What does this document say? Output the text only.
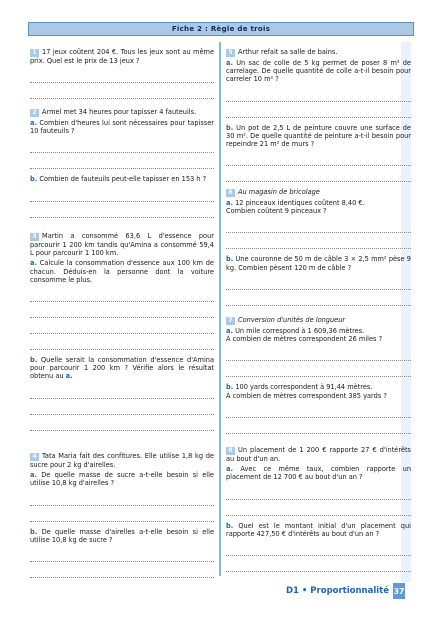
Fiche 2 : Règle de trois

1 17 jeux coûtent 204 €. Tous les jeux sont au même prix. Quel est le prix de 13 jeux ?

2 Armel met 34 heures pour tapisser 4 fauteuils.

a. Combien d'heures lui sont nécessaires pour tapisser 10 fauteuils ?

b. Combien de fauteuils peut-elle tapisser en 153 h ?

3 Martin a consommé 63,6 L d'essence pour parcourir 1 200 km tandis qu'Amina a consommé 59,4 L pour parcourir 1 100 km.

a. Calcule la consommation d'essence aux 100 km de chacun. Déduis-en la personne dont la voiture consomme le plus.

b. Quelle serait la consommation d'essence d'Amina pour parcourir 1 200 km ? Vérifie alors le résultat obtenu au a.

4 Tata Maria fait des confitures. Elle utilise 1,8 kg de sucre pour 2 kg d'airelles.

a. De quelle masse de sucre a-t-elle besoin si elle utilise 10,8 kg d'airelles ?

b. De quelle masse d'airelles a-t-elle besoin si elle utilise 10,8 kg de sucre ?

5 Arthur refait sa salle de bains.

a. Un sac de colle de 5 kg permet de poser 8 m² de carrelage. De quelle quantité de colle a-t-il besoin pour carreler 10 m² ?

b. Un pot de 2,5 L de peinture couvre une surface de 30 m². De quelle quantité de peinture a-t-il besoin pour repeindre 21 m² de murs ?

6 Au magasin de bricolage

a. 12 pinceaux identiques coûtent 8,40 €.
Combien coûtent 9 pinceaux ?

b. Une couronne de 50 m de câble 3 × 2,5 mm² pèse 9 kg. Combien pèsent 120 m de câble ?

7 Conversion d'unités de longueur

a. Un mile correspond à 1 609,36 mètres.
À combien de mètres correspondent 26 miles ?

b. 100 yards correspondent à 91,44 mètres.
À combien de mètres correspondent 385 yards ?

8 Un placement de 1 200 € rapporte 27 € d'intérêts au bout d'un an.

a. Avec ce même taux, combien rapporte un placement de 12 700 € au bout d'un an ?

b. Quel est le montant initial d'un placement qui rapporte 427,50 € d'intérêts au bout d'un an ?

D1 • Proportionnalité 37
